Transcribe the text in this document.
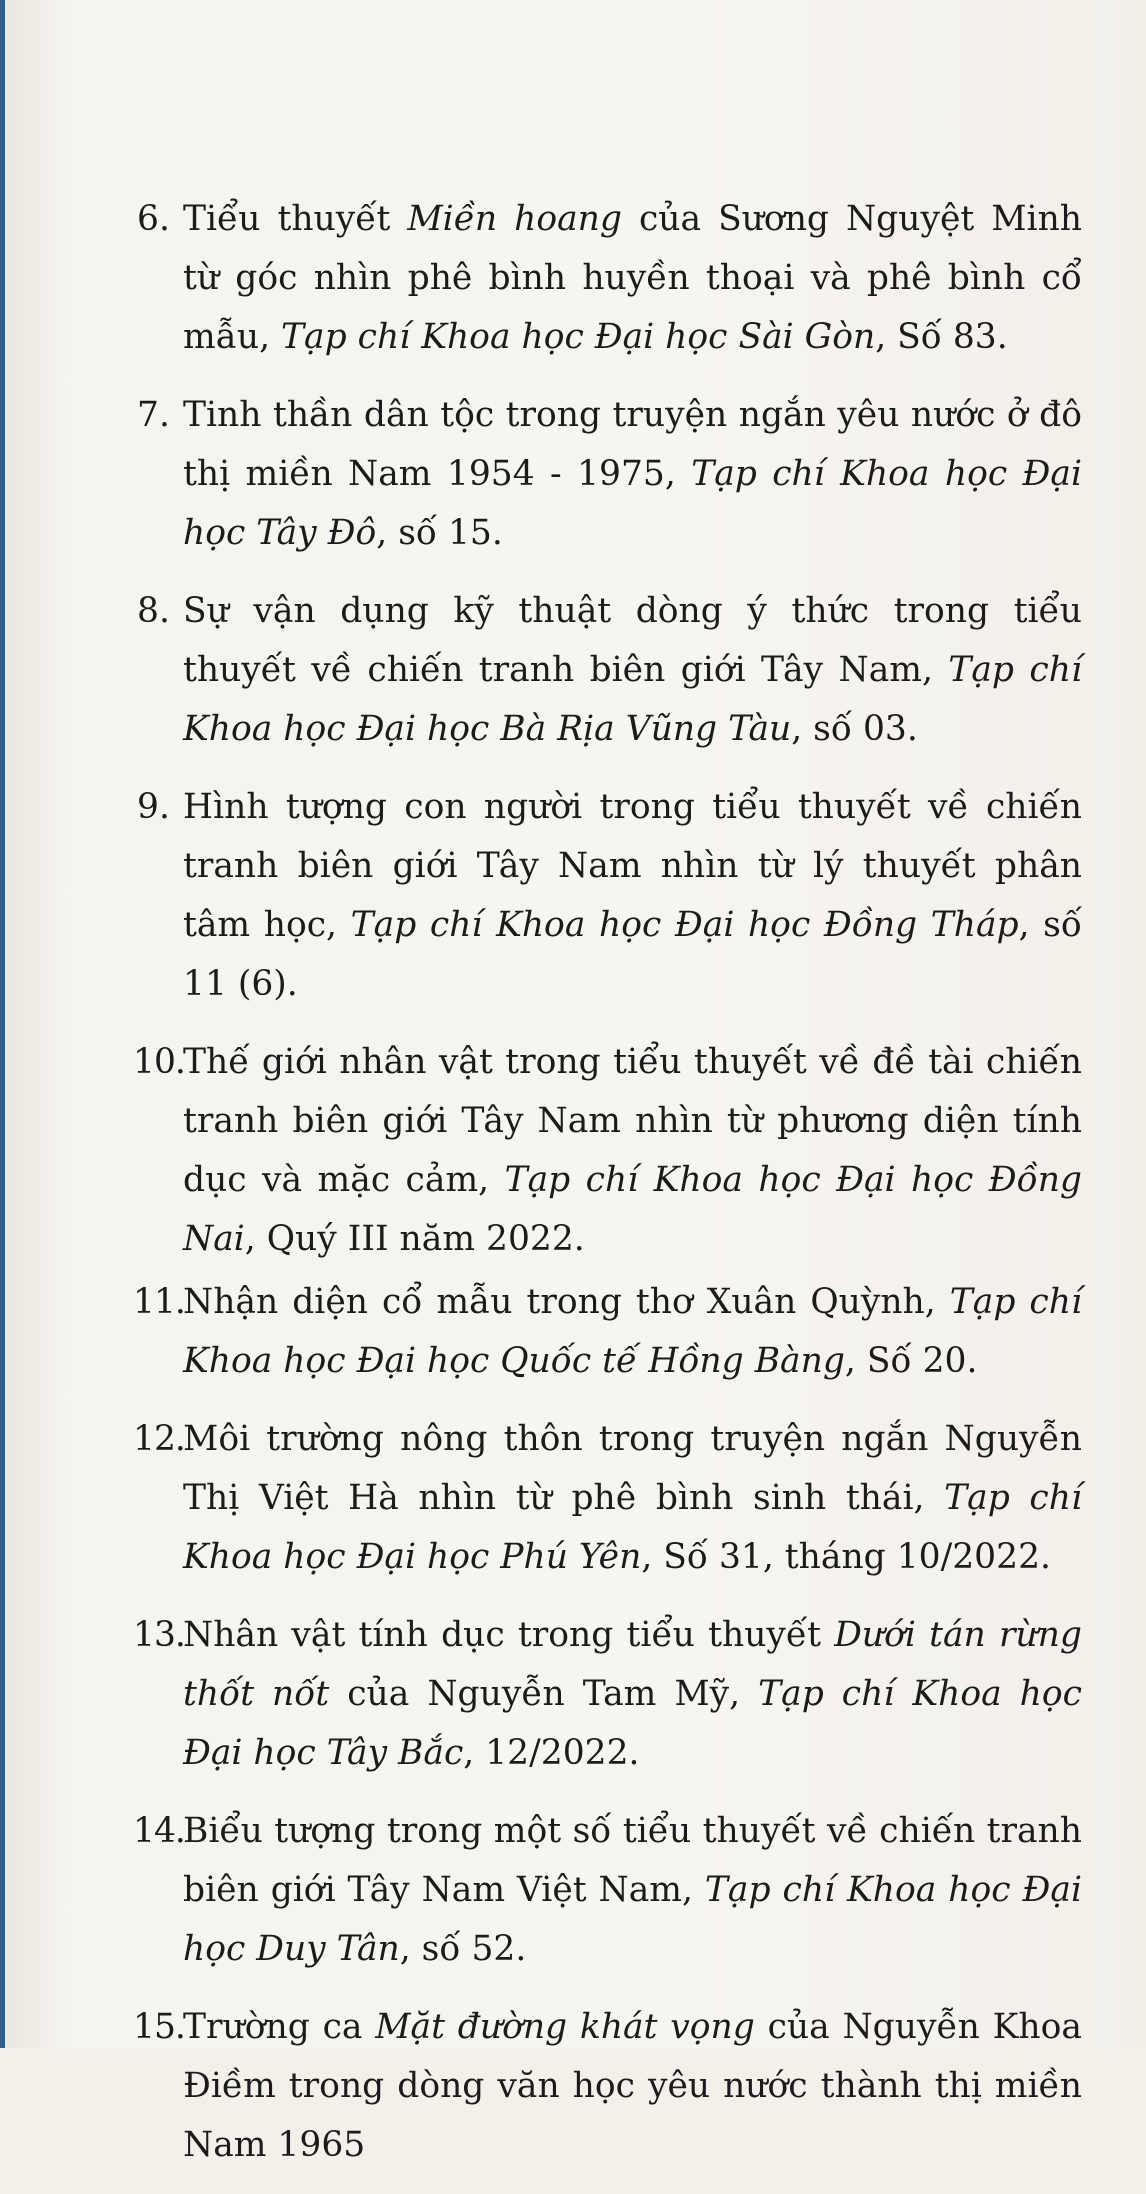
6. Tiểu thuyết Miền hoang của Sương Nguyệt Minh từ góc nhìn phê bình huyền thoại và phê bình cổ mẫu, Tạp chí Khoa học Đại học Sài Gòn, Số 83.
7. Tinh thần dân tộc trong truyện ngắn yêu nước ở đô thị miền Nam 1954 - 1975, Tạp chí Khoa học Đại học Tây Đô, số 15.
8. Sự vận dụng kỹ thuật dòng ý thức trong tiểu thuyết về chiến tranh biên giới Tây Nam, Tạp chí Khoa học Đại học Bà Rịa Vũng Tàu, số 03.
9. Hình tượng con người trong tiểu thuyết về chiến tranh biên giới Tây Nam nhìn từ lý thuyết phân tâm học, Tạp chí Khoa học Đại học Đồng Tháp, số 11 (6).
10.
Thế giới nhân vật trong tiểu thuyết về đề tài chiến tranh biên giới Tây Nam nhìn từ phương diện tính dục và mặc cảm, Tạp chí Khoa học Đại học Đồng Nai, Quý III năm 2022.
11.
Nhận diện cổ mẫu trong thơ Xuân Quỳnh, Tạp chí Khoa học Đại học Quốc tế Hồng Bàng, Số 20.
12.
Môi trường nông thôn trong truyện ngắn Nguyễn Thị Việt Hà nhìn từ phê bình sinh thái, Tạp chí Khoa học Đại học Phú Yên, Số 31, tháng 10/2022.
13.
Nhân vật tính dục trong tiểu thuyết Dưới tán rừng thốt nốt của Nguyễn Tam Mỹ, Tạp chí Khoa học Đại học Tây Bắc, 12/2022.
14.
Biểu tượng trong một số tiểu thuyết về chiến tranh biên giới Tây Nam Việt Nam, Tạp chí Khoa học Đại học Duy Tân, số 52.
15.
Trường ca Mặt đường khát vọng của Nguyễn Khoa Điềm trong dòng văn học yêu nước thành thị miền Nam 1965
